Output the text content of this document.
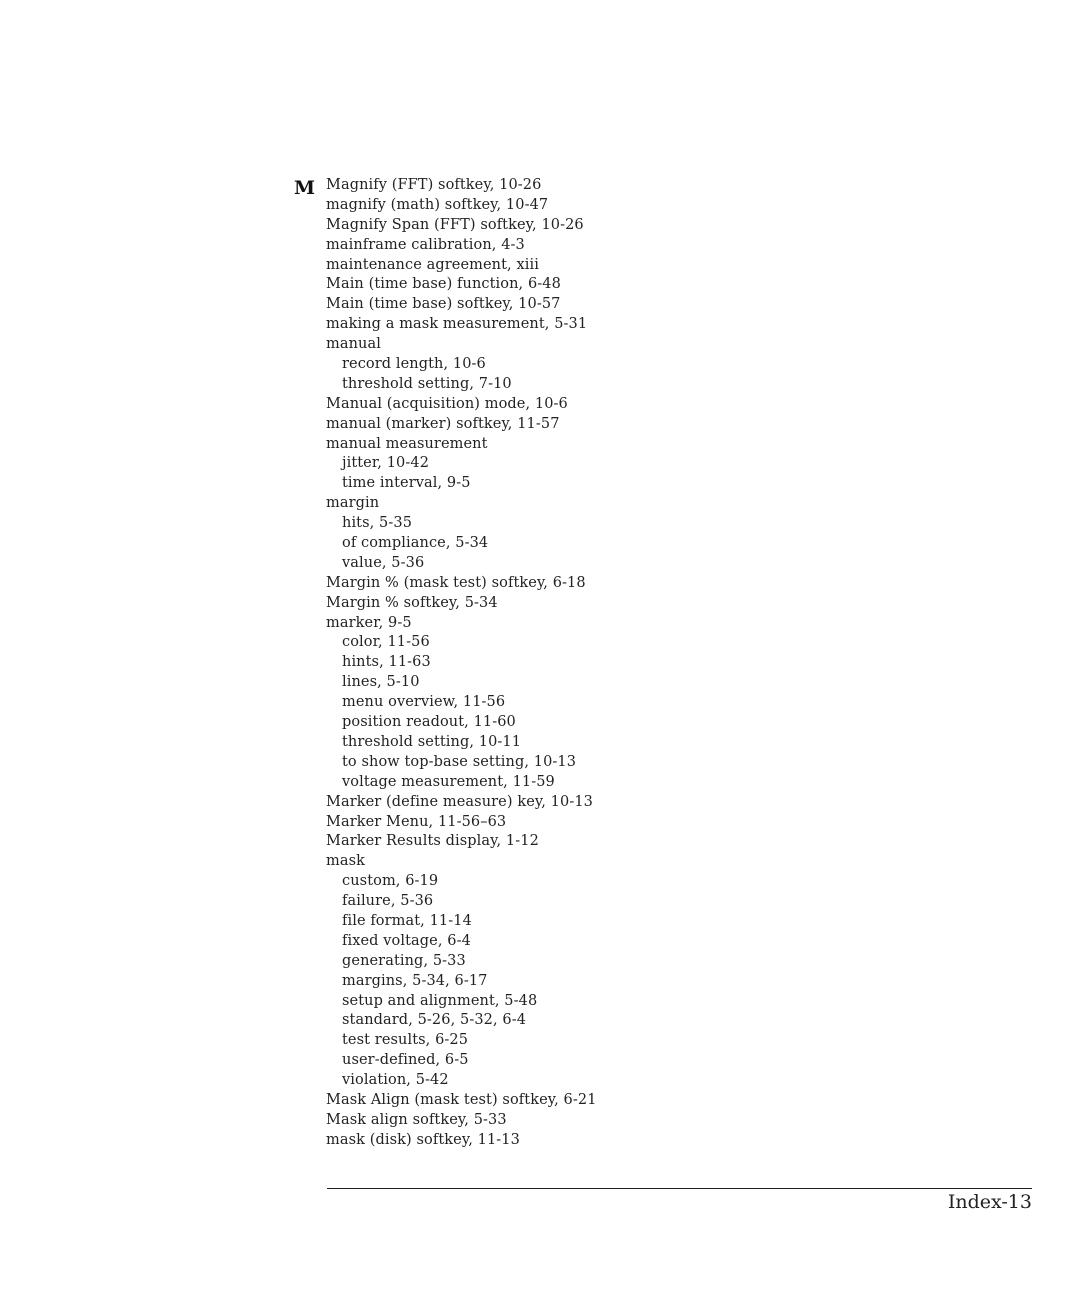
M Magnify (FFT) softkey, 10-26
magnify (math) softkey, 10-47
Magnify Span (FFT) softkey, 10-26
mainframe calibration, 4-3
maintenance agreement, xiii
Main (time base) function, 6-48
Main (time base) softkey, 10-57
making a mask measurement, 5-31
manual
record length, 10-6
threshold setting, 7-10
Manual (acquisition) mode, 10-6
manual (marker) softkey, 11-57
manual measurement
jitter, 10-42
time interval, 9-5
margin
hits, 5-35
of compliance, 5-34
value, 5-36
Margin % (mask test) softkey, 6-18
Margin % softkey, 5-34
marker, 9-5
color, 11-56
hints, 11-63
lines, 5-10
menu overview, 11-56
position readout, 11-60
threshold setting, 10-11
to show top-base setting, 10-13
voltage measurement, 11-59
Marker (define measure) key, 10-13
Marker Menu, 11-56–63
Marker Results display, 1-12
mask
custom, 6-19
failure, 5-36
file format, 11-14
fixed voltage, 6-4
generating, 5-33
margins, 5-34, 6-17
setup and alignment, 5-48
standard, 5-26, 5-32, 6-4
test results, 6-25
user-defined, 6-5
violation, 5-42
Mask Align (mask test) softkey, 6-21
Mask align softkey, 5-33
mask (disk) softkey, 11-13
Index-13
